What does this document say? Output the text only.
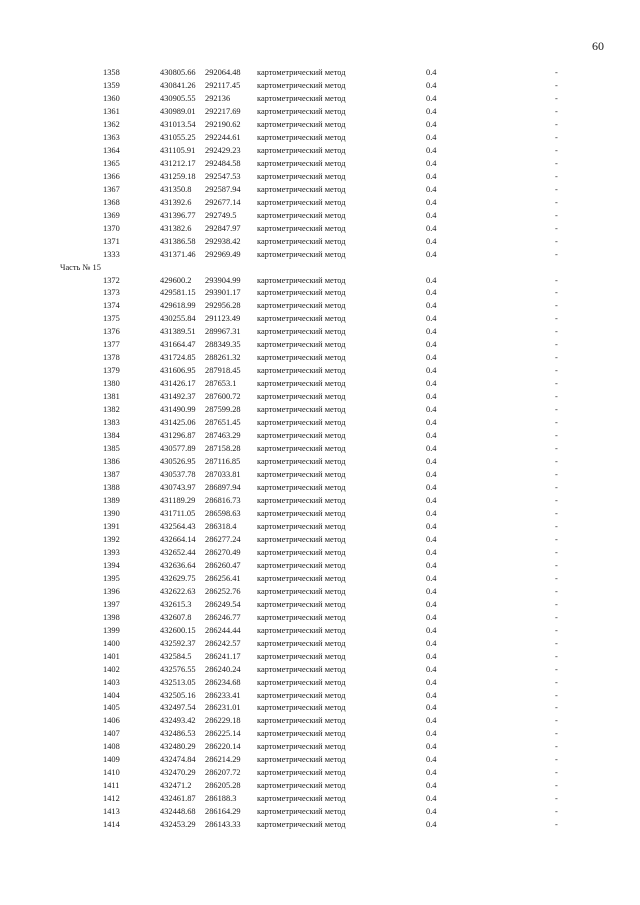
60
1358	430805.66 292064.48 картометрический метод	0.4	-
1359	430841.26 292117.45 картометрический метод	0.4	-
1360	430905.55 292136	картометрический метод	0.4	-
1361	430989.01 292217.69 картометрический метод	0.4	-
1362	431013.54 292190.62 картометрический метод	0.4	-
1363	431055.25 292244.61 картометрический метод	0.4	-
1364	431105.91 292429.23 картометрический метод	0.4	-
1365	431212.17 292484.58 картометрический метод	0.4	-
1366	431259.18 292547.53 картометрический метод	0.4	-
1367	431350.8 292587.94 картометрический метод	0.4	-
1368	431392.6 292677.14 картометрический метод	0.4	-
1369	431396.77 292749.5 картометрический метод	0.4	-
1370	431382.6 292847.97 картометрический метод	0.4	-
1371	431386.58 292938.42 картометрический метод	0.4	-
1333	431371.46 292969.49 картометрический метод	0.4	-
Часть № 15
1372	429600.2 293904.99 картометрический метод	0.4	-
1373	429581.15 293901.17 картометрический метод	0.4	-
1374	429618.99 292956.28 картометрический метод	0.4	-
1375	430255.84 291123.49 картометрический метод	0.4	-
1376	431389.51 289967.31 картометрический метод	0.4	-
1377	431664.47 288349.35 картометрический метод	0.4	-
1378	431724.85 288261.32 картометрический метод	0.4	-
1379	431606.95 287918.45 картометрический метод	0.4	-
1380	431426.17 287653.1 картометрический метод	0.4	-
1381	431492.37 287600.72 картометрический метод	0.4	-
1382	431490.99 287599.28 картометрический метод	0.4	-
1383	431425.06 287651.45 картометрический метод	0.4	-
1384	431296.87 287463.29 картометрический метод	0.4	-
1385	430577.89 287158.28 картометрический метод	0.4	-
1386	430526.95 287116.85 картометрический метод	0.4	-
1387	430537.78 287033.81 картометрический метод	0.4	-
1388	430743.97 286897.94 картометрический метод	0.4	-
1389	431189.29 286816.73 картометрический метод	0.4	-
1390	431711.05 286598.63 картометрический метод	0.4	-
1391	432564.43 286318.4 картометрический метод	0.4	-
1392	432664.14 286277.24 картометрический метод	0.4	-
1393	432652.44 286270.49 картометрический метод	0.4	-
1394	432636.64 286260.47 картометрический метод	0.4	-
1395	432629.75 286256.41 картометрический метод	0.4	-
1396	432622.63 286252.76 картометрический метод	0.4	-
1397	432615.3 286249.54 картометрический метод	0.4	-
1398	432607.8 286246.77 картометрический метод	0.4	-
1399	432600.15 286244.44 картометрический метод	0.4	-
1400	432592.37 286242.57 картометрический метод	0.4	-
1401	432584.5 286241.17 картометрический метод	0.4	-
1402	432576.55 286240.24 картометрический метод	0.4	-
1403	432513.05 286234.68 картометрический метод	0.4	-
1404	432505.16 286233.41 картометрический метод	0.4	-
1405	432497.54 286231.01 картометрический метод	0.4	-
1406	432493.42 286229.18 картометрический метод	0.4	-
1407	432486.53 286225.14 картометрический метод	0.4	-
1408	432480.29 286220.14 картометрический метод	0.4	-
1409	432474.84 286214.29 картометрический метод	0.4	-
1410	432470.29 286207.72 картометрический метод	0.4	-
1411	432471.2 286205.28 картометрический метод	0.4	-
1412	432461.87 286188.3 картометрический метод	0.4	-
1413	432448.68 286164.29 картометрический метод	0.4	-
1414	432453.29 286143.33 картометрический метод	0.4	-
